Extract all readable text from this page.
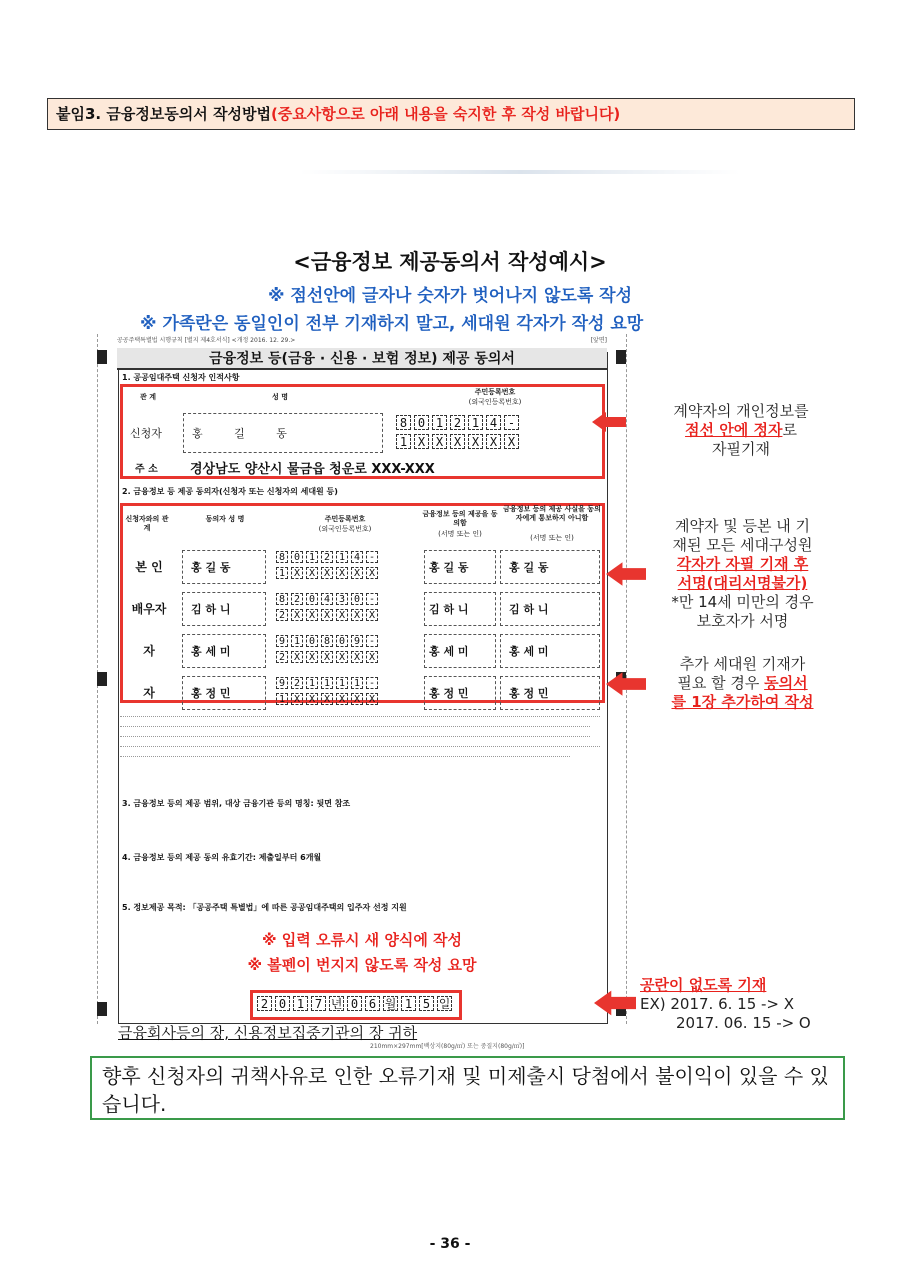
붙임3. 금융정보동의서 작성방법(중요사항으로 아래 내용을 숙지한 후 작성 바랍니다)
<금융정보 제공동의서 작성예시>
※ 점선안에 글자나 숫자가 벗어나지 않도록 작성
※ 가족란은 동일인이 전부 기재하지 말고, 세대원 각자가 작성 요망
공공주택특별법 시행규칙 [별지 제4호서식] <개정 2016. 12. 29.>	[앞면]
금융정보 등(금융 · 신용 · 보험 정보) 제공 동의서
1. 공공임대주택 신청자 인적사항
관 계	성 명
주민등록번호
(외국인등록번호)
신청자	홍 길 동
8 0 1 2 1 4 -
1 X X X X X X
주 소 경상남도 양산시 물금읍 청운로 XXX-XXX
2. 금융정보 등 제공 동의자(신청자 또는 신청자의 세대원 등)
신청자와의 관 계
동의자 성 명	주민등록번호
(외국인등록번호)
금융정보 등의 제공을 동의함
(서명 또는 인)
금융정보 등의 제공 사실을 동의자에게 통보하지 아니함
(서명 또는 인)
본 인	홍 길 동
8 0 1 2 1 4 -
1 X X X X X X	홍 길 동	홍 길 동
배우자	김 하 니
8 2 0 4 3 0 -
2 X X X X X X	김 하 니	김 하 니
자	홍 세 미
9 1 0 8 0 9 -
2 X X X X X X	홍 세 미	홍 세 미
자	홍 정 민
9 2 1 1 1 1 -
1 X X X X X X	홍 정 민	홍 정 민
3. 금융정보 등의 제공 범위, 대상 금융기관 등의 명칭: 뒷면 참조
4. 금융정보 등의 제공 동의 유효기간: 제출일부터 6개월
5. 정보제공 목적: 「공공주택 특별법」에 따른 공공임대주택의 입주자 선정 지원
※ 입력 오류시 새 양식에 작성
※ 볼펜이 번지지 않도록 작성 요망
2 0 1 7 년 0 6 월 1 5 일
금융회사등의 장, 신용정보집중기관의 장 귀하
210mm×297mm[백상지(80g/㎡) 또는 중질지(80g/㎡)]
계약자의 개인정보를
점선 안에 정자로
자필기재
계약자 및 등본 내 기
재된 모든 세대구성원
각자가 자필 기재 후
서명(대리서명불가)
*만 14세 미만의 경우
보호자가 서명
추가 세대원 기재가
필요 할 경우 동의서
를 1장 추가하여 작성
공란이 없도록 기재
EX) 2017. 6. 15 -> X
2017. 06. 15 -> O
향후 신청자의 귀책사유로 인한 오류기재 및 미제출시 당첨에서 불이익이 있을 수 있습니다.
- 36 -
